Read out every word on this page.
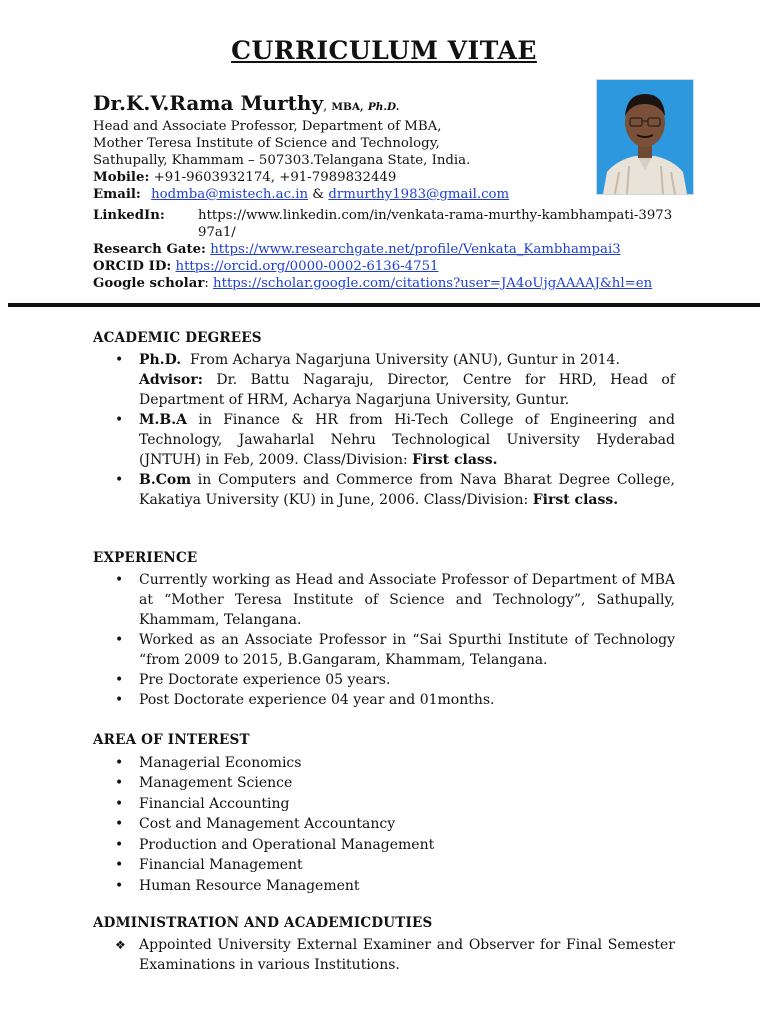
CURRICULUM VITAE
Dr.K.V.Rama Murthy, MBA, Ph.D.
Head and Associate Professor, Department of MBA,
Mother Teresa Institute of Science and Technology,
Sathupally, Khammam – 507303.Telangana State, India.
Mobile: +91-9603932174, +91-7989832449
Email: hodmba@mistech.ac.in & drmurthy1983@gmail.com
LinkedIn:	https://www.linkedin.com/in/venkata-rama-murthy-kambhampati-397397a1/
Research Gate: https://www.researchgate.net/profile/Venkata_Kambhampai3
ORCID ID: https://orcid.org/0000-0002-6136-4751
Google scholar: https://scholar.google.com/citations?user=JA4oUjgAAAAJ&hl=en
ACADEMIC DEGREES
• Ph.D. From Acharya Nagarjuna University (ANU), Guntur in 2014.
Advisor: Dr. Battu Nagaraju, Director, Centre for HRD, Head of Department of HRM, Acharya Nagarjuna University, Guntur.
• M.B.A in Finance & HR from Hi-Tech College of Engineering and Technology, Jawaharlal Nehru Technological University Hyderabad (JNTUH) in Feb, 2009. Class/Division: First class.
• B.Com in Computers and Commerce from Nava Bharat Degree College, Kakatiya University (KU) in June, 2006. Class/Division: First class.
EXPERIENCE
• Currently working as Head and Associate Professor of Department of MBA at “Mother Teresa Institute of Science and Technology”, Sathupally, Khammam, Telangana.
• Worked as an Associate Professor in “Sai Spurthi Institute of Technology “from 2009 to 2015, B.Gangaram, Khammam, Telangana.
• Pre Doctorate experience 05 years.
• Post Doctorate experience 04 year and 01months.
AREA OF INTEREST
• Managerial Economics
• Management Science
• Financial Accounting
• Cost and Management Accountancy
• Production and Operational Management
• Financial Management
• Human Resource Management
ADMINISTRATION AND ACADEMICDUTIES
❖ Appointed University External Examiner and Observer for Final Semester Examinations in various Institutions.
